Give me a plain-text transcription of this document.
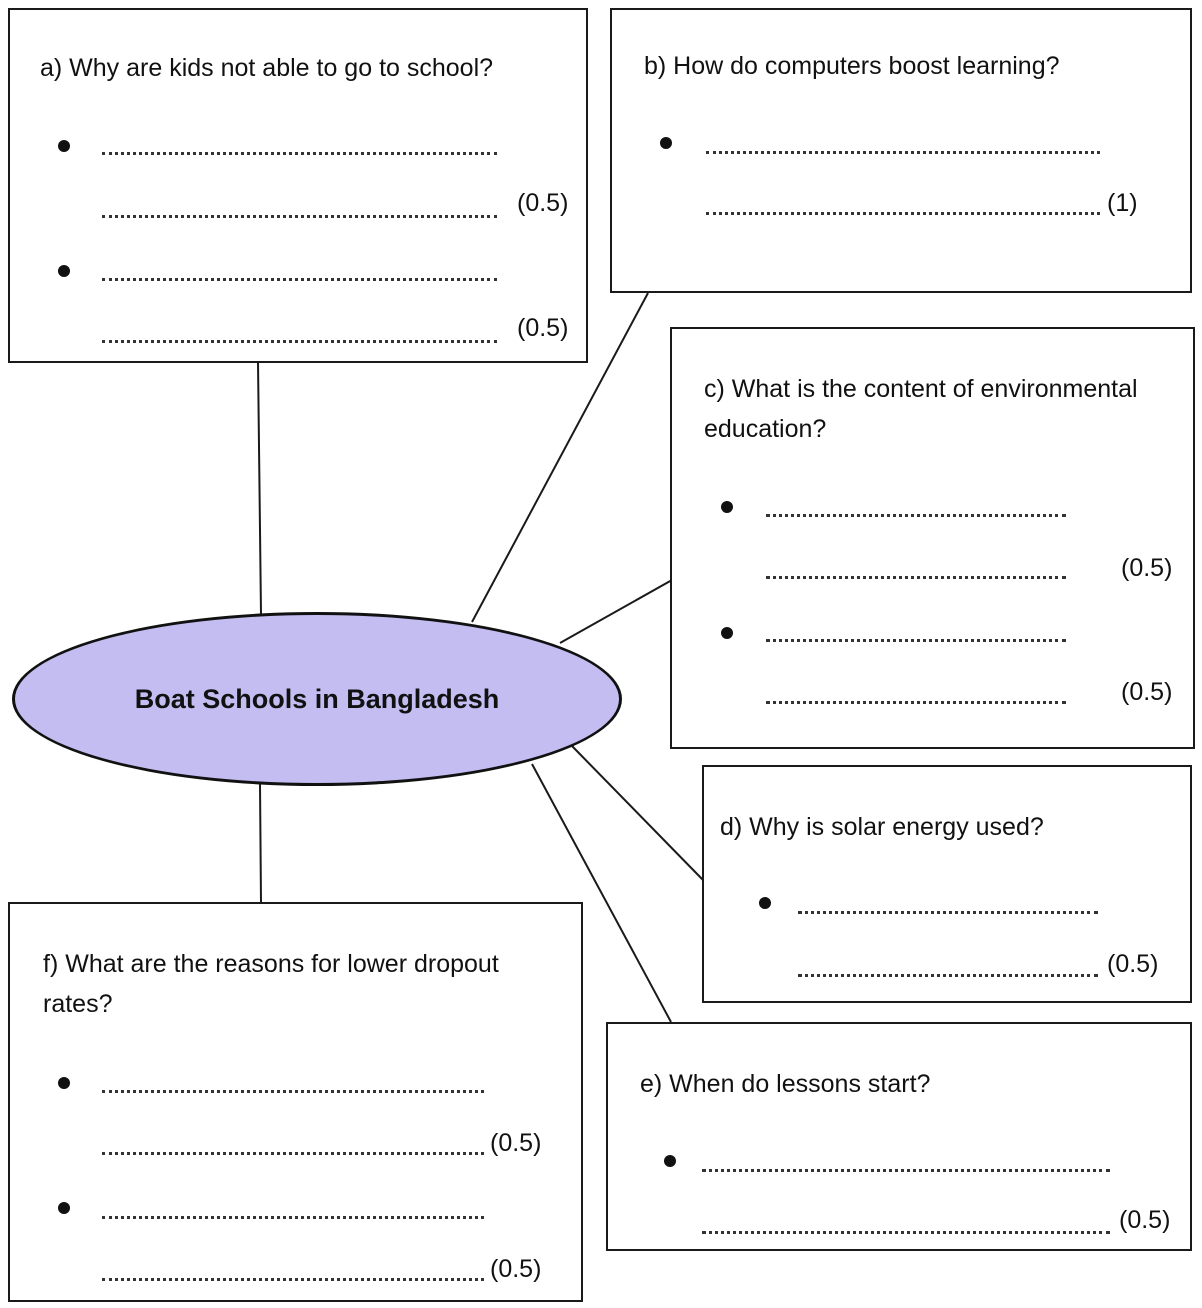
a) Why are kids not able to go to school?
(0.5)
(0.5)
b) How do computers boost learning?
(1)
c) What is the content of environmental
education?
(0.5)
(0.5)
d) Why is solar energy used?
(0.5)
e) When do lessons start?
(0.5)
f) What are the reasons for lower dropout
rates?
(0.5)
(0.5)
Boat Schools in Bangladesh
